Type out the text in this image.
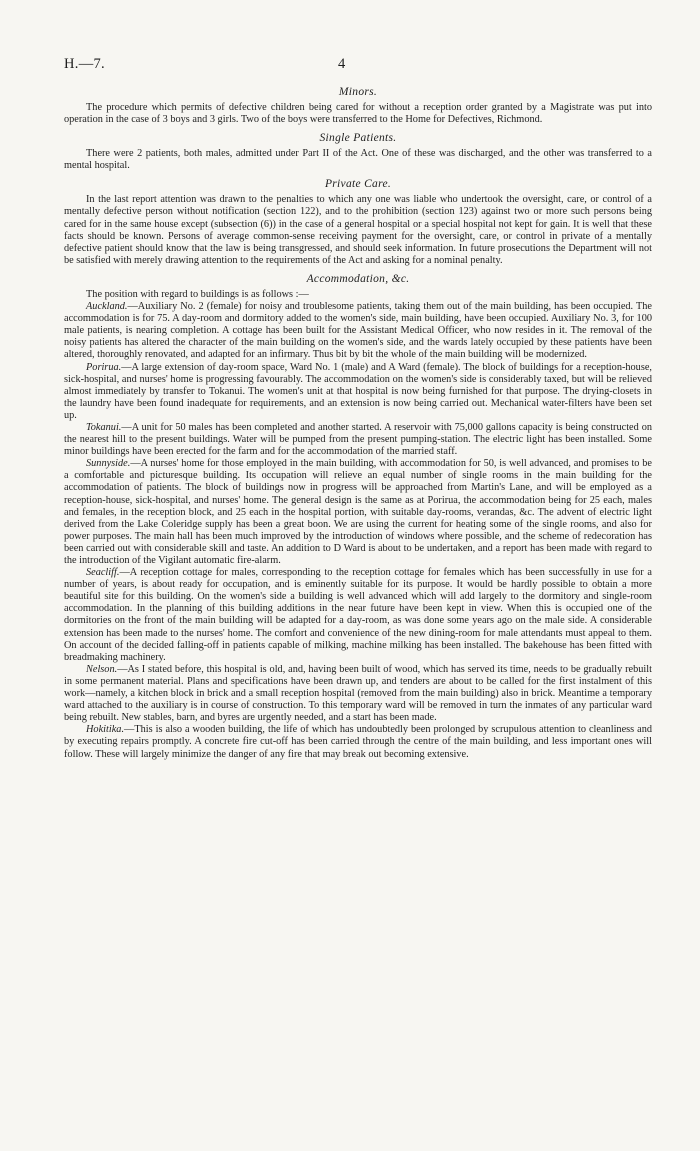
H.—7.	4
Minors.

The procedure which permits of defective children being cared for without a reception order granted by a Magistrate was put into operation in the case of 3 boys and 3 girls. Two of the boys were transferred to the Home for Defectives, Richmond.

Single Patients.

There were 2 patients, both males, admitted under Part II of the Act. One of these was discharged, and the other was transferred to a mental hospital.

Private Care.

In the last report attention was drawn to the penalties to which any one was liable who undertook the oversight, care, or control of a mentally defective person without notification (section 122), and to the prohibition (section 123) against two or more such persons being cared for in the same house except (subsection (6)) in the case of a general hospital or a special hospital not kept for gain. It is well that these facts should be known. Persons of average common-sense receiving payment for the oversight, care, or control in private of a mentally defective patient should know that the law is being transgressed, and should seek information. In future prosecutions the Department will not be satisfied with merely drawing attention to the requirements of the Act and asking for a nominal penalty.

Accommodation, &c.

The position with regard to buildings is as follows :—

Auckland.—Auxiliary No. 2 (female) for noisy and troublesome patients, taking them out of the main building, has been occupied. The accommodation is for 75. A day-room and dormitory added to the women's side, main building, have been occupied. Auxiliary No. 3, for 100 male patients, is nearing completion. A cottage has been built for the Assistant Medical Officer, who now resides in it. The removal of the noisy patients has altered the character of the main building on the women's side, and the wards lately occupied by these patients have been altered, thoroughly renovated, and adapted for an infirmary. Thus bit by bit the whole of the main building will be modernized.

Porirua.—A large extension of day-room space, Ward No. 1 (male) and A Ward (female). The block of buildings for a reception-house, sick-hospital, and nurses' home is progressing favourably. The accommodation on the women's side is considerably taxed, but will be relieved almost immediately by transfer to Tokanui. The women's unit at that hospital is now being furnished for that purpose. The drying-closets in the laundry have been found inadequate for requirements, and an extension is now being carried out. Mechanical water-filters have been set up.

Tokanui.—A unit for 50 males has been completed and another started. A reservoir with 75,000 gallons capacity is being constructed on the nearest hill to the present buildings. Water will be pumped from the present pumping-station. The electric light has been installed. Some minor buildings have been erected for the farm and for the accommodation of the married staff.

Sunnyside.—A nurses' home for those employed in the main building, with accommodation for 50, is well advanced, and promises to be a comfortable and picturesque building. Its occupation will relieve an equal number of single rooms in the main building for the accommodation of patients. The block of buildings now in progress will be approached from Martin's Lane, and will be employed as a reception-house, sick-hospital, and nurses' home. The general design is the same as at Porirua, the accommodation being for 25 each, males and females, in the reception block, and 25 each in the hospital portion, with suitable day-rooms, verandas, &c. The advent of electric light derived from the Lake Coleridge supply has been a great boon. We are using the current for heating some of the single rooms, and also for power purposes. The main hall has been much improved by the introduction of windows where possible, and the scheme of redecoration has been carried out with considerable skill and taste. An addition to D Ward is about to be undertaken, and a report has been made with regard to the introduction of the Vigilant automatic fire-alarm.

Seacliff.—A reception cottage for males, corresponding to the reception cottage for females which has been successfully in use for a number of years, is about ready for occupation, and is eminently suitable for its purpose. It would be hardly possible to obtain a more beautiful site for this building. On the women's side a building is well advanced which will add largely to the dormitory and single-room accommodation. In the planning of this building additions in the near future have been kept in view. When this is occupied one of the dormitories on the front of the main building will be adapted for a day-room, as was done some years ago on the male side. A considerable extension has been made to the nurses' home. The comfort and convenience of the new dining-room for male attendants must appeal to them. On account of the decided falling-off in patients capable of milking, machine milking has been installed. The bakehouse has been fitted with breadmaking machinery.

Nelson.—As I stated before, this hospital is old, and, having been built of wood, which has served its time, needs to be gradually rebuilt in some permanent material. Plans and specifications have been drawn up, and tenders are about to be called for the first instalment of this work—namely, a kitchen block in brick and a small reception hospital (removed from the main building) also in brick. Meantime a temporary ward attached to the auxiliary is in course of construction. To this temporary ward will be removed in turn the inmates of any particular ward being rebuilt. New stables, barn, and byres are urgently needed, and a start has been made.

Hokitika.—This is also a wooden building, the life of which has undoubtedly been prolonged by scrupulous attention to cleanliness and by executing repairs promptly. A concrete fire cut-off has been carried through the centre of the main building, and less important ones will follow. These will largely minimize the danger of any fire that may break out becoming extensive.
